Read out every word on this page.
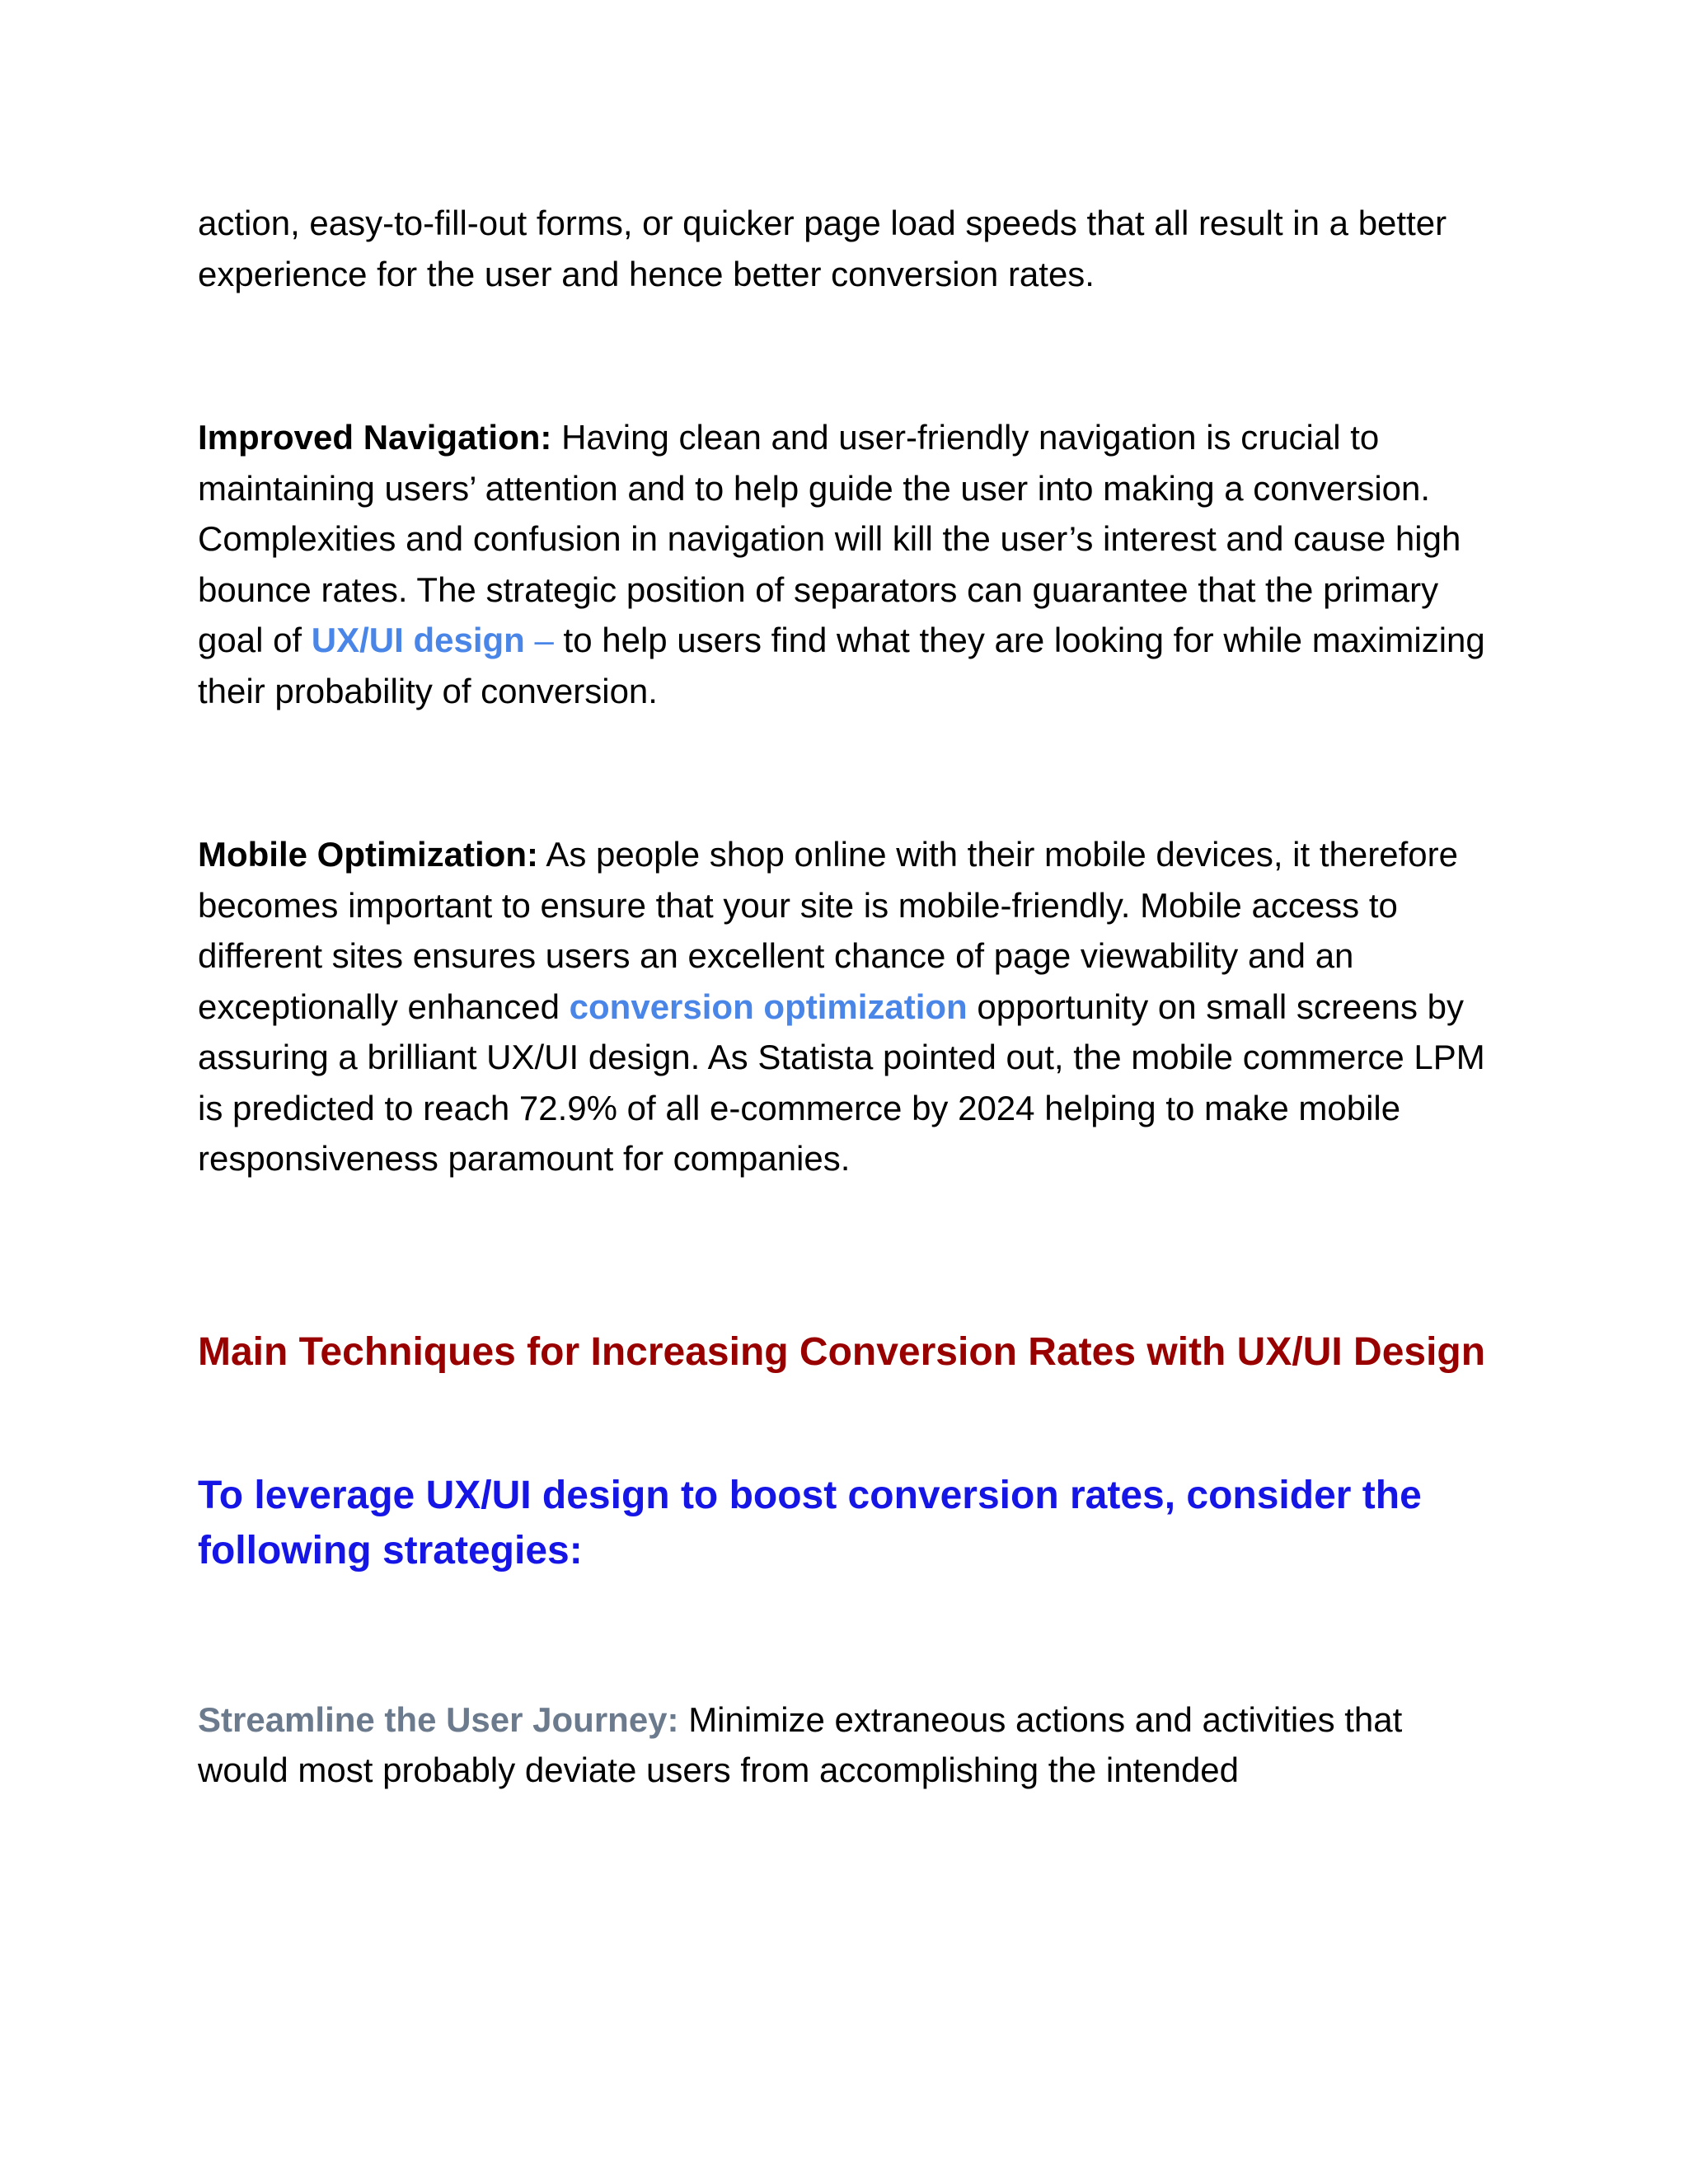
action, easy-to-fill-out forms, or quicker page load speeds that all result in a better experience for the user and hence better conversion rates.

Improved Navigation: Having clean and user-friendly navigation is crucial to maintaining users’ attention and to help guide the user into making a conversion. Complexities and confusion in navigation will kill the user’s interest and cause high bounce rates. The strategic position of separators can guarantee that the primary goal of UX/UI design – to help users find what they are looking for while maximizing their probability of conversion.

Mobile Optimization: As people shop online with their mobile devices, it therefore becomes important to ensure that your site is mobile-friendly. Mobile access to different sites ensures users an excellent chance of page viewability and an exceptionally enhanced conversion optimization opportunity on small screens by assuring a brilliant UX/UI design. As Statista pointed out, the mobile commerce LPM is predicted to reach 72.9% of all e-commerce by 2024 helping to make mobile responsiveness paramount for companies.

Main Techniques for Increasing Conversion Rates with UX/UI Design
To leverage UX/UI design to boost conversion rates, consider the following strategies:

Streamline the User Journey: Minimize extraneous actions and activities that would most probably deviate users from accomplishing the intended
